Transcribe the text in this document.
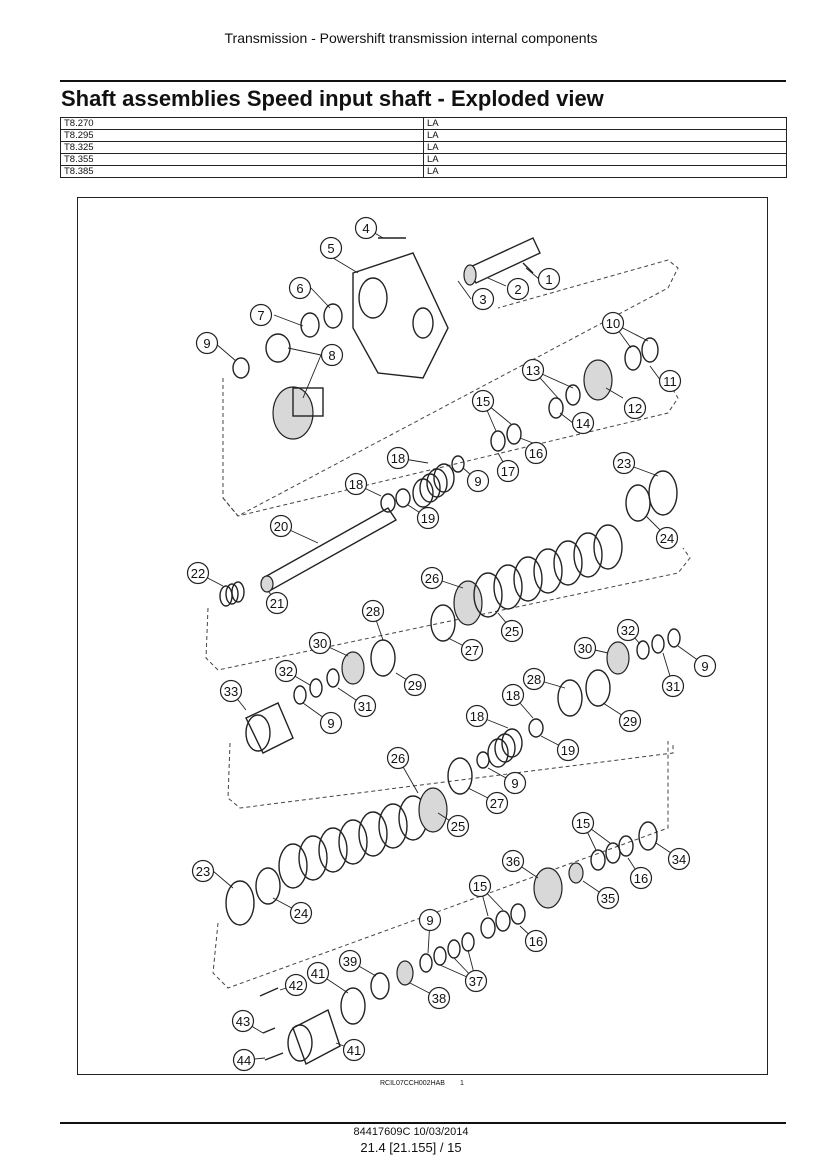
Transmission - Powershift transmission internal components
Shaft assemblies Speed input shaft - Exploded view
T8.270	LA
T8.295	LA
T8.325	LA
T8.355	LA
T8.385	LA
1
2
3
4
5
6
7
8
9
10
11
12
13
14
15
16
17
9
18
18
19
20
23
24
22
21
26
25
27
28
29
30
31
32
33
9
30
32
9
31
28
29
18
18
19
9
27
26
25	15
16
34
36
35
15
16
23
24	9
37
41
39
42
38
43
41
44
RCIL07CCH002HAB 1
84417609C 10/03/2014
21.4 [21.155] / 15
